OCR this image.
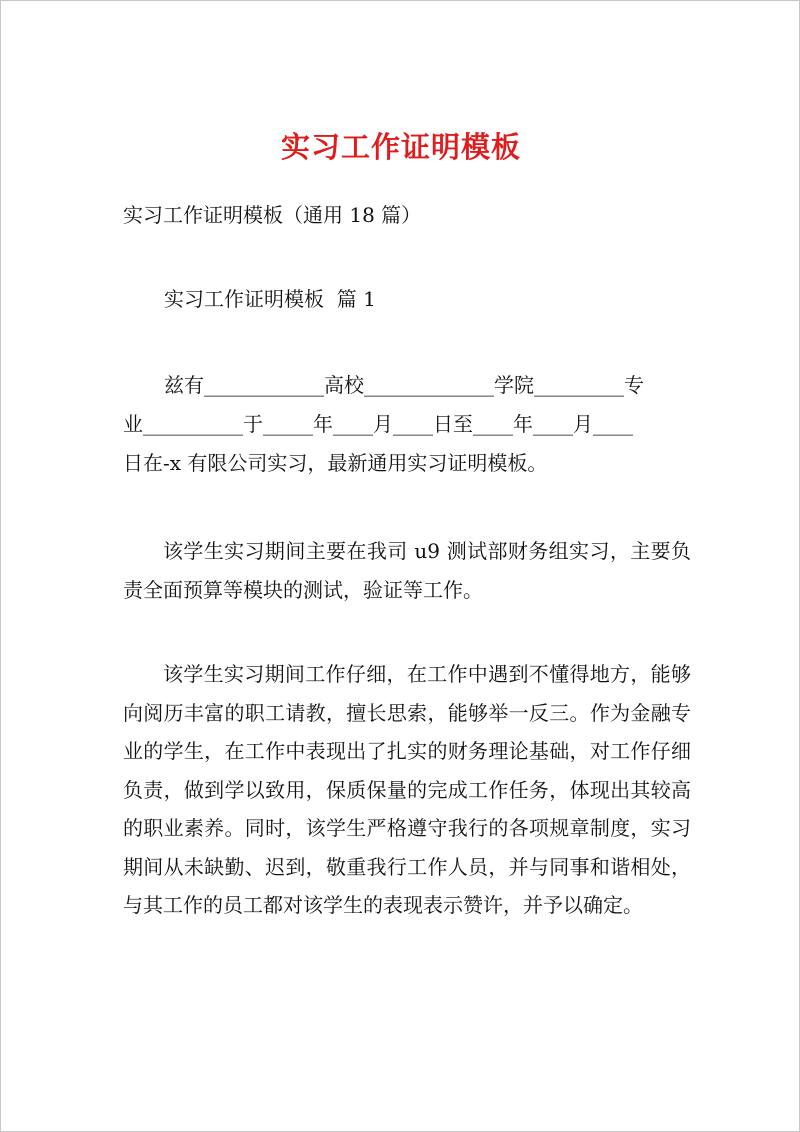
实习工作证明模板
实习工作证明模板（通用 18 篇）
实习工作证明模板  篇 1
兹有____________高校_____________学院_________专
业__________于_____年____月____日至____年____月____
日在-x 有限公司实习，最新通用实习证明模板。

该学生实习期间主要在我司 u9 测试部财务组实习，主要负责全面预算等模块的测试，验证等工作。

该学生实习期间工作仔细，在工作中遇到不懂得地方，能够向阅历丰富的职工请教，擅长思索，能够举一反三。作为金融专业的学生，在工作中表现出了扎实的财务理论基础，对工作仔细负责，做到学以致用，保质保量的完成工作任务，体现出其较高的职业素养。同时，该学生严格遵守我行的各项规章制度，实习期间从未缺勤、迟到，敬重我行工作人员，并与同事和谐相处，与其工作的员工都对该学生的表现表示赞许，并予以确定。
